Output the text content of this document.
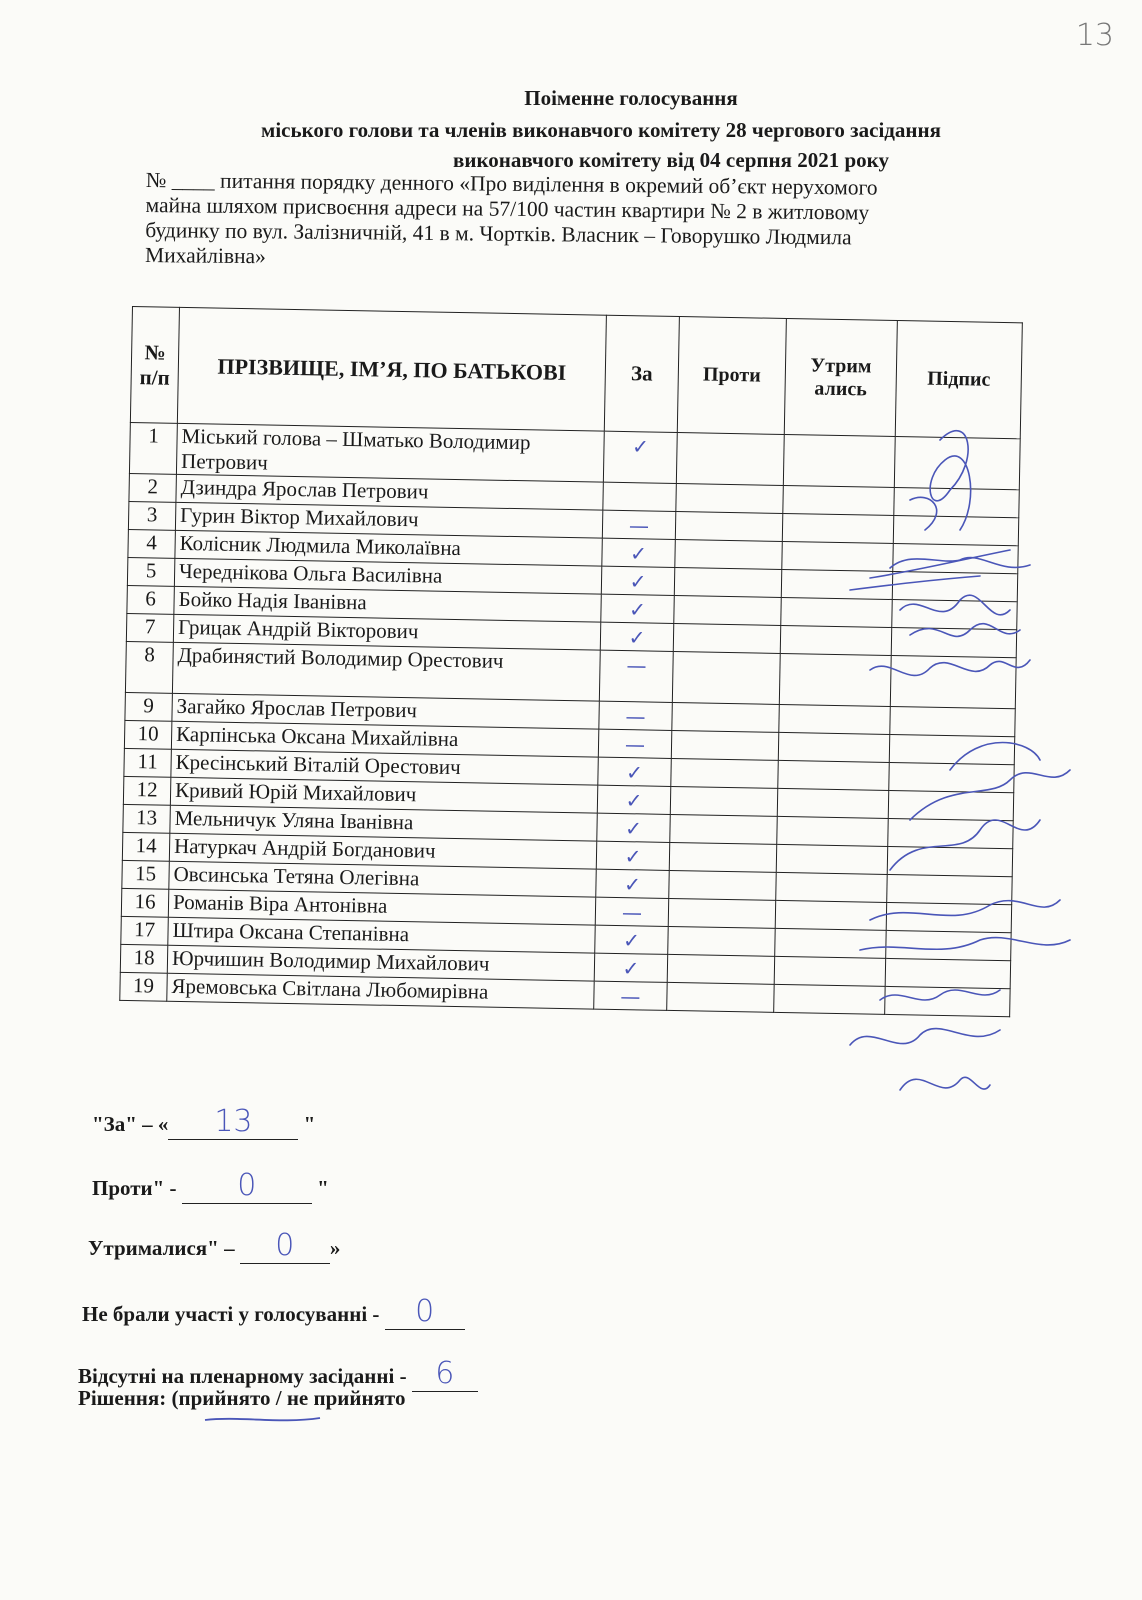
13
Поіменне голосування
міського голови та членів виконавчого комітету 28 чергового засідання
виконавчого комітету від 04 серпня 2021 року
№ ____ питання порядку денного «Про виділення в окремий об’єкт нерухомого
майна шляхом присвоєння адреси на 57/100 частин квартири № 2 в житловому
будинку по вул. Залізничній, 41 в м. Чортків. Власник – Говорушко Людмила
Михайлівна»
№ п/п	ПРІЗВИЩЕ, ІМ’Я, ПО БАТЬКОВІ	За	Проти	Утрим ались	Підпис
1	Міський голова – Шматько Володимир Петрович	✓			
2	Дзиндра Ярослав Петрович				
3	Гурин Віктор Михайлович	—			
4	Колісник Людмила Миколаївна	✓			
5	Череднікова Ольга Василівна	✓			
6	Бойко Надія Іванівна	✓			
7	Грицак Андрій Вікторович	✓			
8	Драбинястий Володимир Орестович	—			
9	Загайко Ярослав Петрович	—			
10	Карпінська Оксана Михайлівна	—			
11	Кресінський Віталій Орестович	✓			
12	Кривий Юрій Михайлович	✓			
13	Мельничук Уляна Іванівна	✓			
14	Натуркач Андрій Богданович	✓			
15	Овсинська Тетяна Олегівна	✓			
16	Романів Віра Антонівна	—			
17	Штира Оксана Степанівна	✓			
18	Юрчишин Володимир Михайлович	✓			
19	Яремовська Світлана Любомирівна	—			
"За" – « 13 "
Проти" - 0	"
Утрималися" – 0 »
Не брали участі у голосуванні - 0
Відсутні на пленарному засіданні - 6
Рішення: (прийнято / не прийнято
